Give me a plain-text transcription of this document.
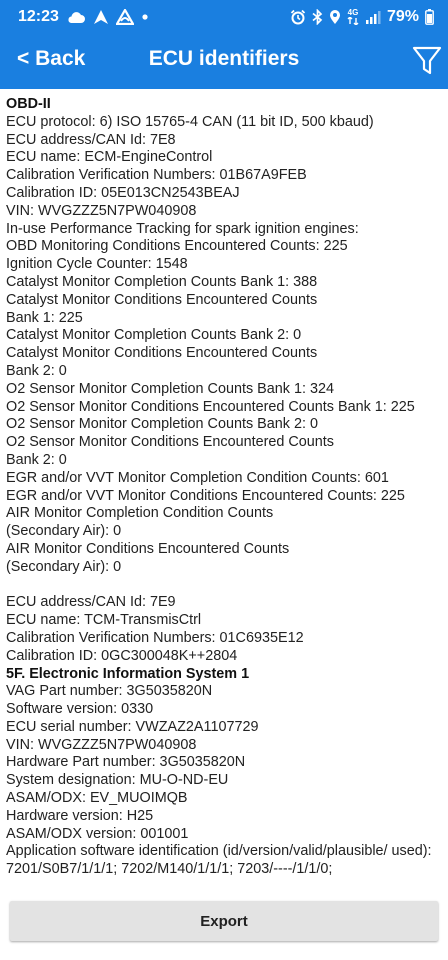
12:23	4G 79%
< Back	ECU identifiers
OBD-II
ECU protocol: 6) ISO 15765-4 CAN (11 bit ID, 500 kbaud)
ECU address/CAN Id: 7E8
ECU name: ECM-EngineControl
Calibration Verification Numbers: 01B67A9FEB
Calibration ID: 05E013CN2543BEAJ
VIN: WVGZZZ5N7PW040908
In-use Performance Tracking for spark ignition engines:
OBD Monitoring Conditions Encountered Counts: 225
Ignition Cycle Counter: 1548
Catalyst Monitor Completion Counts Bank 1: 388
Catalyst Monitor Conditions Encountered Counts
Bank 1: 225
Catalyst Monitor Completion Counts Bank 2: 0
Catalyst Monitor Conditions Encountered Counts
Bank 2: 0
O2 Sensor Monitor Completion Counts Bank 1: 324
O2 Sensor Monitor Conditions Encountered Counts Bank 1: 225
O2 Sensor Monitor Completion Counts Bank 2: 0
O2 Sensor Monitor Conditions Encountered Counts
Bank 2: 0
EGR and/or VVT Monitor Completion Condition Counts: 601
EGR and/or VVT Monitor Conditions Encountered Counts: 225
AIR Monitor Completion Condition Counts
(Secondary Air): 0
AIR Monitor Conditions Encountered Counts
(Secondary Air): 0
ECU address/CAN Id: 7E9
ECU name: TCM-TransmisCtrl
Calibration Verification Numbers: 01C6935E12
Calibration ID: 0GC300048K++2804
5F. Electronic Information System 1
VAG Part number: 3G5035820N
Software version: 0330
ECU serial number: VWZAZ2A1107729
VIN: WVGZZZ5N7PW040908
Hardware Part number: 3G5035820N
System designation: MU-O-ND-EU
ASAM/ODX: EV_MUOIMQB
Hardware version: H25
ASAM/ODX version: 001001
Application software identification (id/version/valid/plausible/ used): 7201/S0B7/1/1/1; 7202/M140/1/1/1; 7203/----/1/1/0;
Export
